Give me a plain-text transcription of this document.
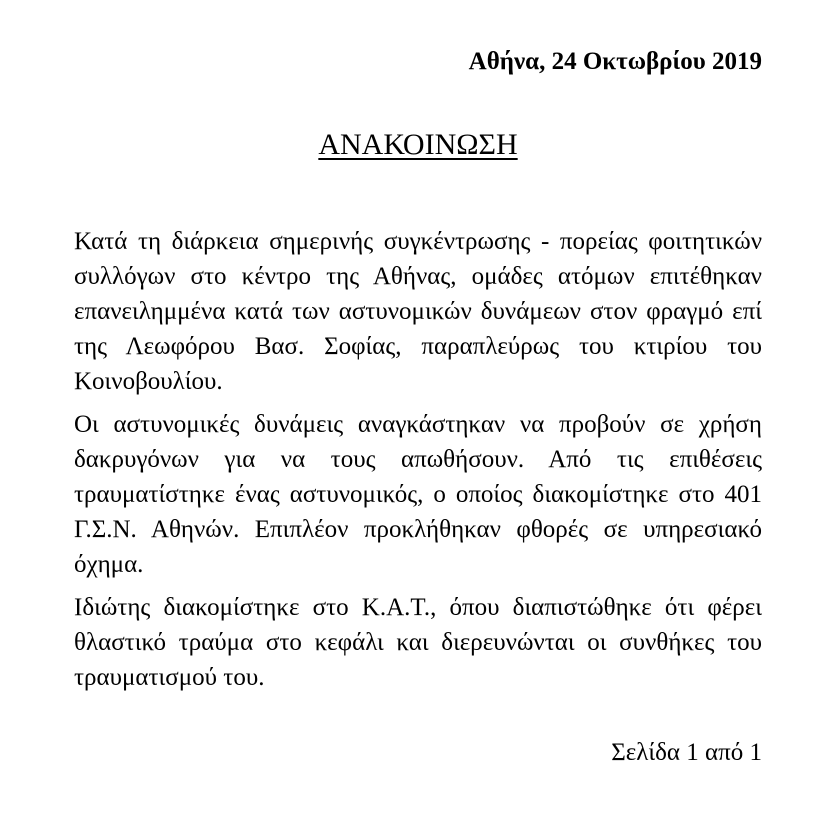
Αθήνα, 24 Οκτωβρίου 2019
ΑΝΑΚΟΙΝΩΣΗ

Κατά τη διάρκεια σημερινής συγκέντρωσης - πορείας φοιτητικών συλλόγων στο κέντρο της Αθήνας, ομάδες ατόμων επιτέθηκαν επανειλημμένα κατά των αστυνομικών δυνάμεων στον φραγμό επί της Λεωφόρου Βασ. Σοφίας, παραπλεύρως του κτιρίου του Κοινοβουλίου.

Οι αστυνομικές δυνάμεις αναγκάστηκαν να προβούν σε χρήση δακρυγόνων για να τους απωθήσουν. Από τις επιθέσεις τραυματίστηκε ένας αστυνομικός, ο οποίος διακομίστηκε στο 401 Γ.Σ.Ν. Αθηνών. Επιπλέον προκλήθηκαν φθορές σε υπηρεσιακό όχημα.

Ιδιώτης διακομίστηκε στο Κ.Α.Τ., όπου διαπιστώθηκε ότι φέρει θλαστικό τραύμα στο κεφάλι και διερευνώνται οι συνθήκες του τραυματισμού του.

Σελίδα 1 από 1
